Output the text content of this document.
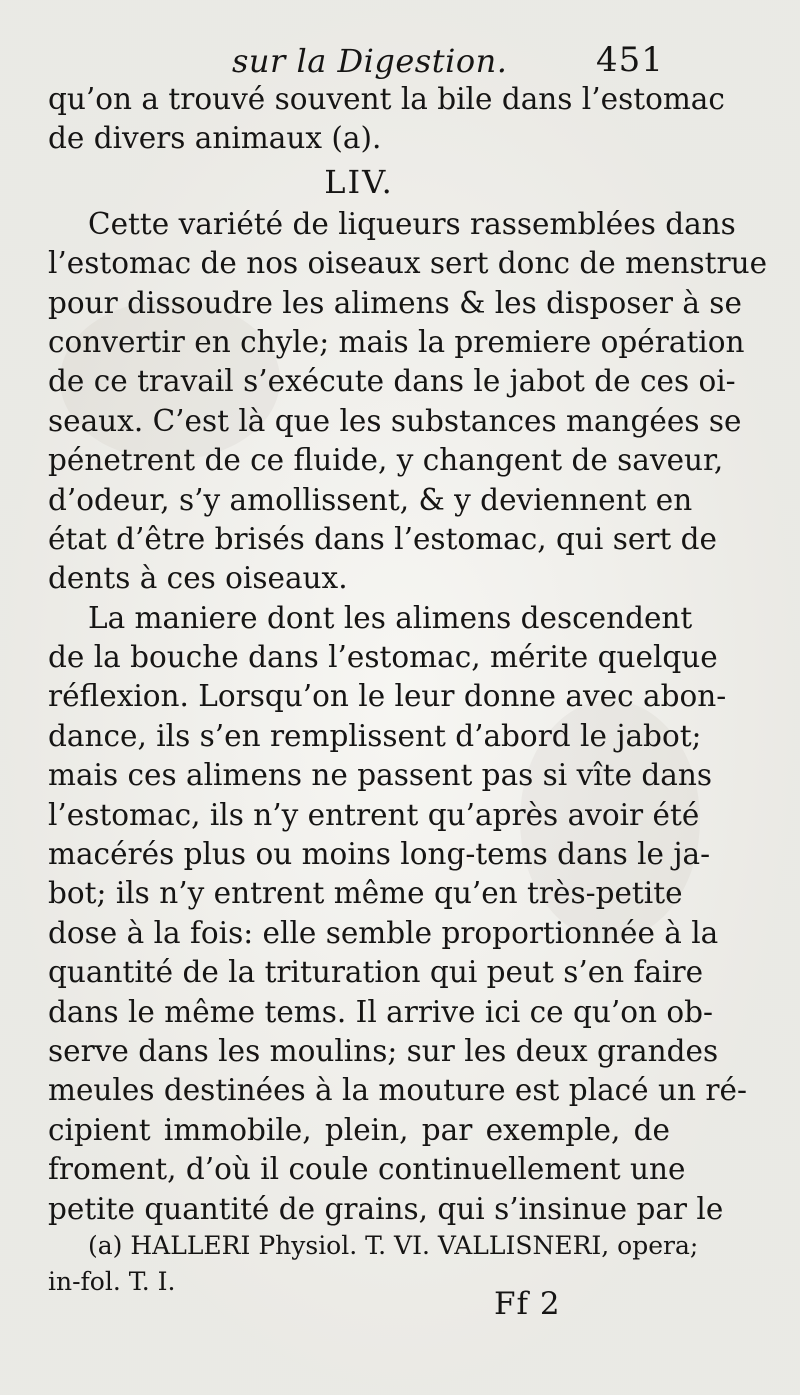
sur la Digestion.	451
qu’on a trouvé souvent la bile dans l’estomac
de divers animaux (a).
LIV.
Cette variété de liqueurs rassemblées dans
l’estomac de nos oiseaux sert donc de menstrue
pour dissoudre les alimens & les disposer à se
convertir en chyle; mais la premiere opération
de ce travail s’exécute dans le jabot de ces oi-
seaux. C’est là que les substances mangées se
pénetrent de ce fluide, y changent de saveur,
d’odeur, s’y amollissent, & y deviennent en
état d’être brisés dans l’estomac, qui sert de
dents à ces oiseaux.
La maniere dont les alimens descendent
de la bouche dans l’estomac, mérite quelque
réflexion. Lorsqu’on le leur donne avec abon-
dance, ils s’en remplissent d’abord le jabot;
mais ces alimens ne passent pas si vîte dans
l’estomac, ils n’y entrent qu’après avoir été
macérés plus ou moins long-tems dans le ja-
bot; ils n’y entrent même qu’en très-petite
dose à la fois: elle semble proportionnée à la
quantité de la trituration qui peut s’en faire
dans le même tems. Il arrive ici ce qu’on ob-
serve dans les moulins; sur les deux grandes
meules destinées à la mouture est placé un ré-
cipient immobile, plein, par exemple, de
froment, d’où il coule continuellement une
petite quantité de grains, qui s’insinue par le
(a) HALLERI Physiol. T. VI. VALLISNERI, opera;
in-fol. T. I.
Ff 2
